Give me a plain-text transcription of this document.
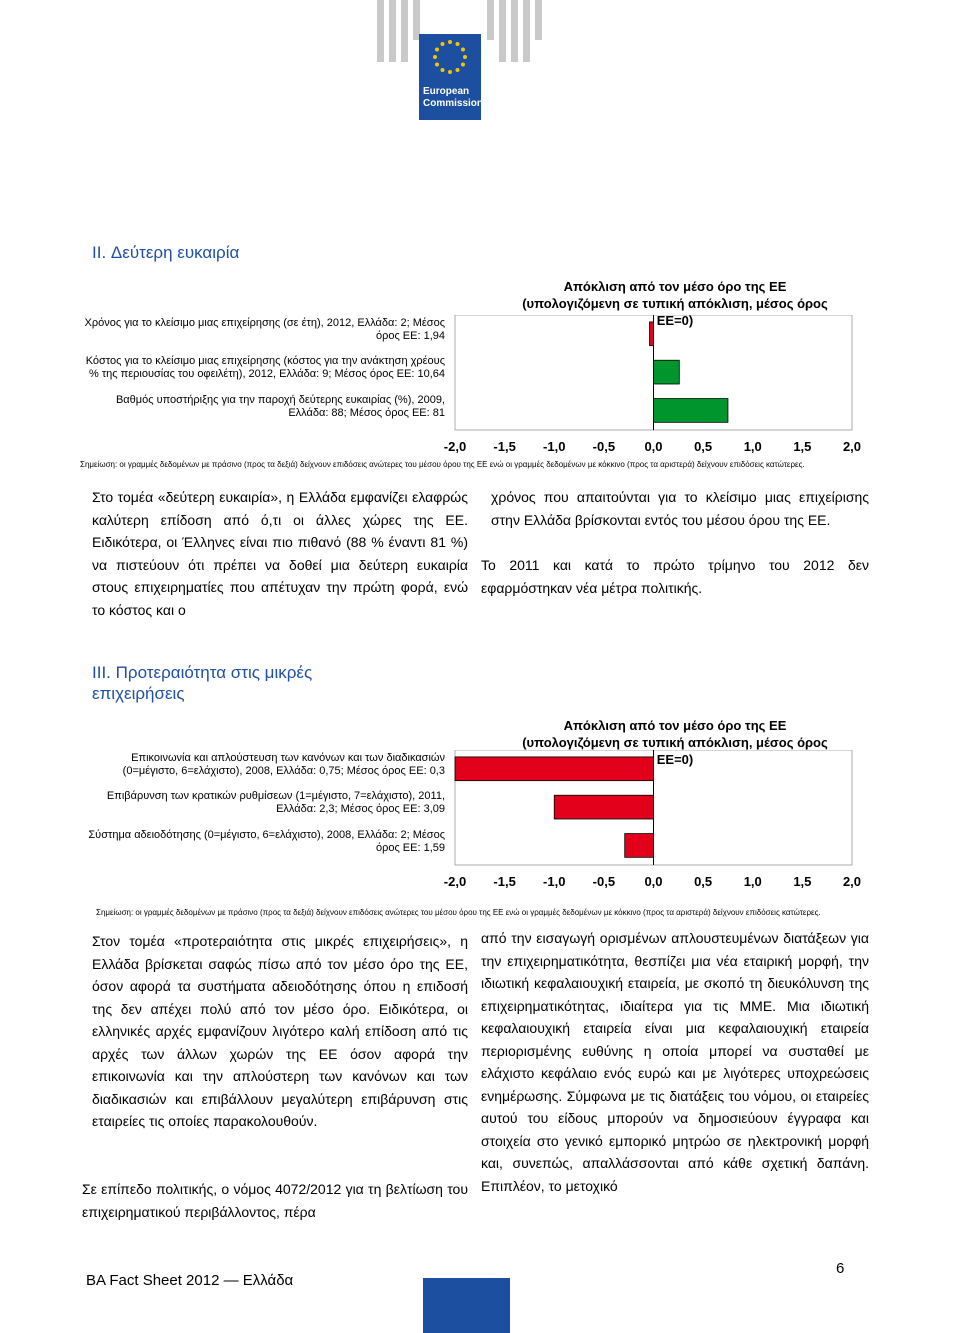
European
Commission
II. Δεύτερη ευκαιρία
Απόκλιση από τον μέσο όρο της ΕΕ
(υπολογιζόμενη σε τυπική απόκλιση, μέσος όρος ΕΕ=0)
Χρόνος για το κλείσιμο μιας επιχείρησης (σε έτη), 2012, Ελλάδα: 2; Μέσος
όρος ΕΕ: 1,94
Κόστος για το κλείσιμο μιας επιχείρησης (κόστος για την ανάκτηση χρέους
% της περιουσίας του οφειλέτη), 2012, Ελλάδα: 9; Μέσος όρος ΕΕ: 10,64
Βαθμός υποστήριξης για την παροχή δεύτερης ευκαιρίας (%), 2009,
Ελλάδα: 88; Μέσος όρος ΕΕ: 81
-2,0	-1,5	-1,0	-0,5	0,0	0,5	1,0	1,5	2,0
Σημείωση: οι γραμμές δεδομένων με πράσινο (προς τα δεξιά) δείχνουν επιδόσεις ανώτερες του μέσου όρου της ΕΕ ενώ οι γραμμές δεδομένων με κόκκινο (προς τα αριστερά) δείχνουν επιδόσεις κατώτερες.
Στο τομέα «δεύτερη ευκαιρία», η Ελλάδα εμφανίζει ελαφρώς καλύτερη επίδοση από ό,τι οι άλλες χώρες της ΕΕ. Ειδικότερα, οι Έλληνες είναι πιο πιθανό (88 % έναντι 81 %) να πιστεύουν ότι πρέπει να δοθεί μια δεύτερη ευκαιρία στους επιχειρηματίες που απέτυχαν την πρώτη φορά, ενώ το κόστος και ο
χρόνος που απαιτούνται για το κλείσιμο μιας επιχείρισης στην Ελλάδα βρίσκονται εντός του μέσου όρου της ΕΕ.
Το 2011 και κατά το πρώτο τρίμηνο του 2012 δεν εφαρμόστηκαν νέα μέτρα πολιτικής.
III. Προτεραιότητα στις μικρές
επιχειρήσεις
Απόκλιση από τον μέσο όρο της ΕΕ
(υπολογιζόμενη σε τυπική απόκλιση, μέσος όρος ΕΕ=0)
Επικοινωνία και απλούστευση των κανόνων και των διαδικασιών
(0=μέγιστο, 6=ελάχιστο), 2008, Ελλάδα: 0,75; Μέσος όρος ΕΕ: 0,3
Επιβάρυνση των κρατικών ρυθμίσεων (1=μέγιστο, 7=ελάχιστο), 2011,
Ελλάδα: 2,3; Μέσος όρος ΕΕ: 3,09
Σύστημα αδειοδότησης (0=μέγιστο, 6=ελάχιστο), 2008, Ελλάδα: 2; Μέσος
όρος ΕΕ: 1,59
-2,0	-1,5	-1,0	-0,5	0,0	0,5	1,0	1,5	2,0
Σημείωση: οι γραμμές δεδομένων με πράσινο (προς τα δεξιά) δείχνουν επιδόσεις ανώτερες του μέσου όρου της ΕΕ ενώ οι γραμμές δεδομένων με κόκκινο (προς τα αριστερά) δείχνουν επιδόσεις κατώτερες.
Στον τομέα «προτεραιότητα στις μικρές επιχειρήσεις», η Ελλάδα βρίσκεται σαφώς πίσω από τον μέσο όρο της ΕΕ, όσον αφορά τα συστήματα αδειοδότησης όπου η επιδοσή της δεν απέχει πολύ από τον μέσο όρο. Ειδικότερα, οι ελληνικές αρχές εμφανίζουν λιγότερο καλή επίδοση από τις αρχές των άλλων χωρών της ΕΕ όσον αφορά την επικοινωνία και την απλούστερη των κανόνων και των διαδικασιών και επιβάλλουν μεγαλύτερη επιβάρυνση στις εταιρείες τις οποίες παρακολουθούν.
Σε επίπεδο πολιτικής, ο νόμος 4072/2012 για τη βελτίωση του επιχειρηματικού περιβάλλοντος, πέρα
από την εισαγωγή ορισμένων απλουστευμένων διατάξεων για την επιχειρηματικότητα, θεσπίζει μια νέα εταιρική μορφή, την ιδιωτική κεφαλαιουχική εταιρεία, με σκοπό τη διευκόλυνση της επιχειρηματικότητας, ιδιαίτερα για τις ΜΜΕ. Μια ιδιωτική κεφαλαιουχική εταιρεία είναι μια κεφαλαιουχική εταιρεία περιορισμένης ευθύνης η οποία μπορεί να συσταθεί με ελάχιστο κεφάλαιο ενός ευρώ και με λιγότερες υποχρεώσεις ενημέρωσης. Σύμφωνα με τις διατάξεις του νόμου, οι εταιρείες αυτού του είδους μπορούν να δημοσιεύουν έγγραφα και στοιχεία στο γενικό εμπορικό μητρώο σε ηλεκτρονική μορφή και, συνεπώς, απαλλάσσονται από κάθε σχετική δαπάνη. Επιπλέον, το μετοχικό
BA Fact Sheet 2012 — Ελλάδα
6
